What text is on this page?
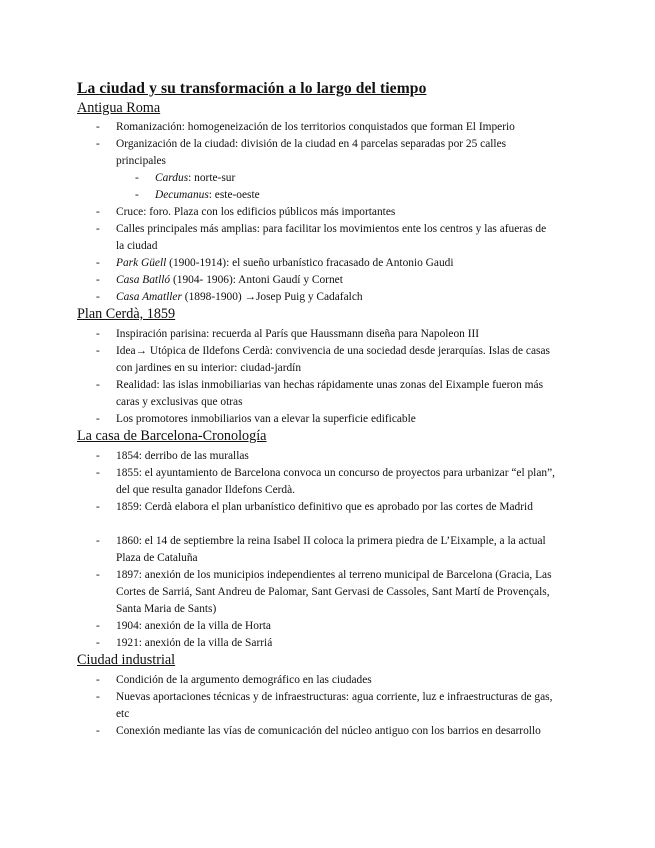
La ciudad y su transformación a lo largo del tiempo
Antigua Roma
- Romanización: homogeneización de los territorios conquistados que forman El Imperio
- Organización de la ciudad: división de la ciudad en 4 parcelas separadas por 25 calles principales
- Cardus: norte-sur
- Decumanus: este-oeste
- Cruce: foro. Plaza con los edificios públicos más importantes
- Calles principales más amplias: para facilitar los movimientos ente los centros y las afueras de la ciudad
- Park Güell (1900-1914): el sueño urbanístico fracasado de Antonio Gaudi
- Casa Batlló (1904- 1906): Antoni Gaudí y Cornet
- Casa Amatller (1898-1900) →Josep Puig y Cadafalch
Plan Cerdà, 1859
- Inspiración parisina: recuerda al París que Haussmann diseña para Napoleon III
- Idea→ Utópica de Ildefons Cerdà: convivencia de una sociedad desde jerarquías. Islas de casas con jardines en su interior: ciudad-jardín
- Realidad: las islas inmobiliarias van hechas rápidamente unas zonas del Eixample fueron más caras y exclusivas que otras
- Los promotores inmobiliarios van a elevar la superficie edificable
La casa de Barcelona-Cronología
- 1854: derribo de las murallas
- 1855: el ayuntamiento de Barcelona convoca un concurso de proyectos para urbanizar “el plan”, del que resulta ganador Ildefons Cerdà.
- 1859: Cerdà elabora el plan urbanístico definitivo que es aprobado por las cortes de Madrid
- 1860: el 14 de septiembre la reina Isabel II coloca la primera piedra de L’Eixample, a la actual Plaza de Cataluña
- 1897: anexión de los municipios independientes al terreno municipal de Barcelona (Gracia, Las Cortes de Sarriá, Sant Andreu de Palomar, Sant Gervasi de Cassoles, Sant Martí de Provençals, Santa Maria de Sants)
- 1904: anexión de la villa de Horta
- 1921: anexión de la villa de Sarriá
Ciudad industrial
- Condición de la argumento demográfico en las ciudades
- Nuevas aportaciones técnicas y de infraestructuras: agua corriente, luz e infraestructuras de gas, etc
- Conexión mediante las vías de comunicación del núcleo antiguo con los barrios en desarrollo
